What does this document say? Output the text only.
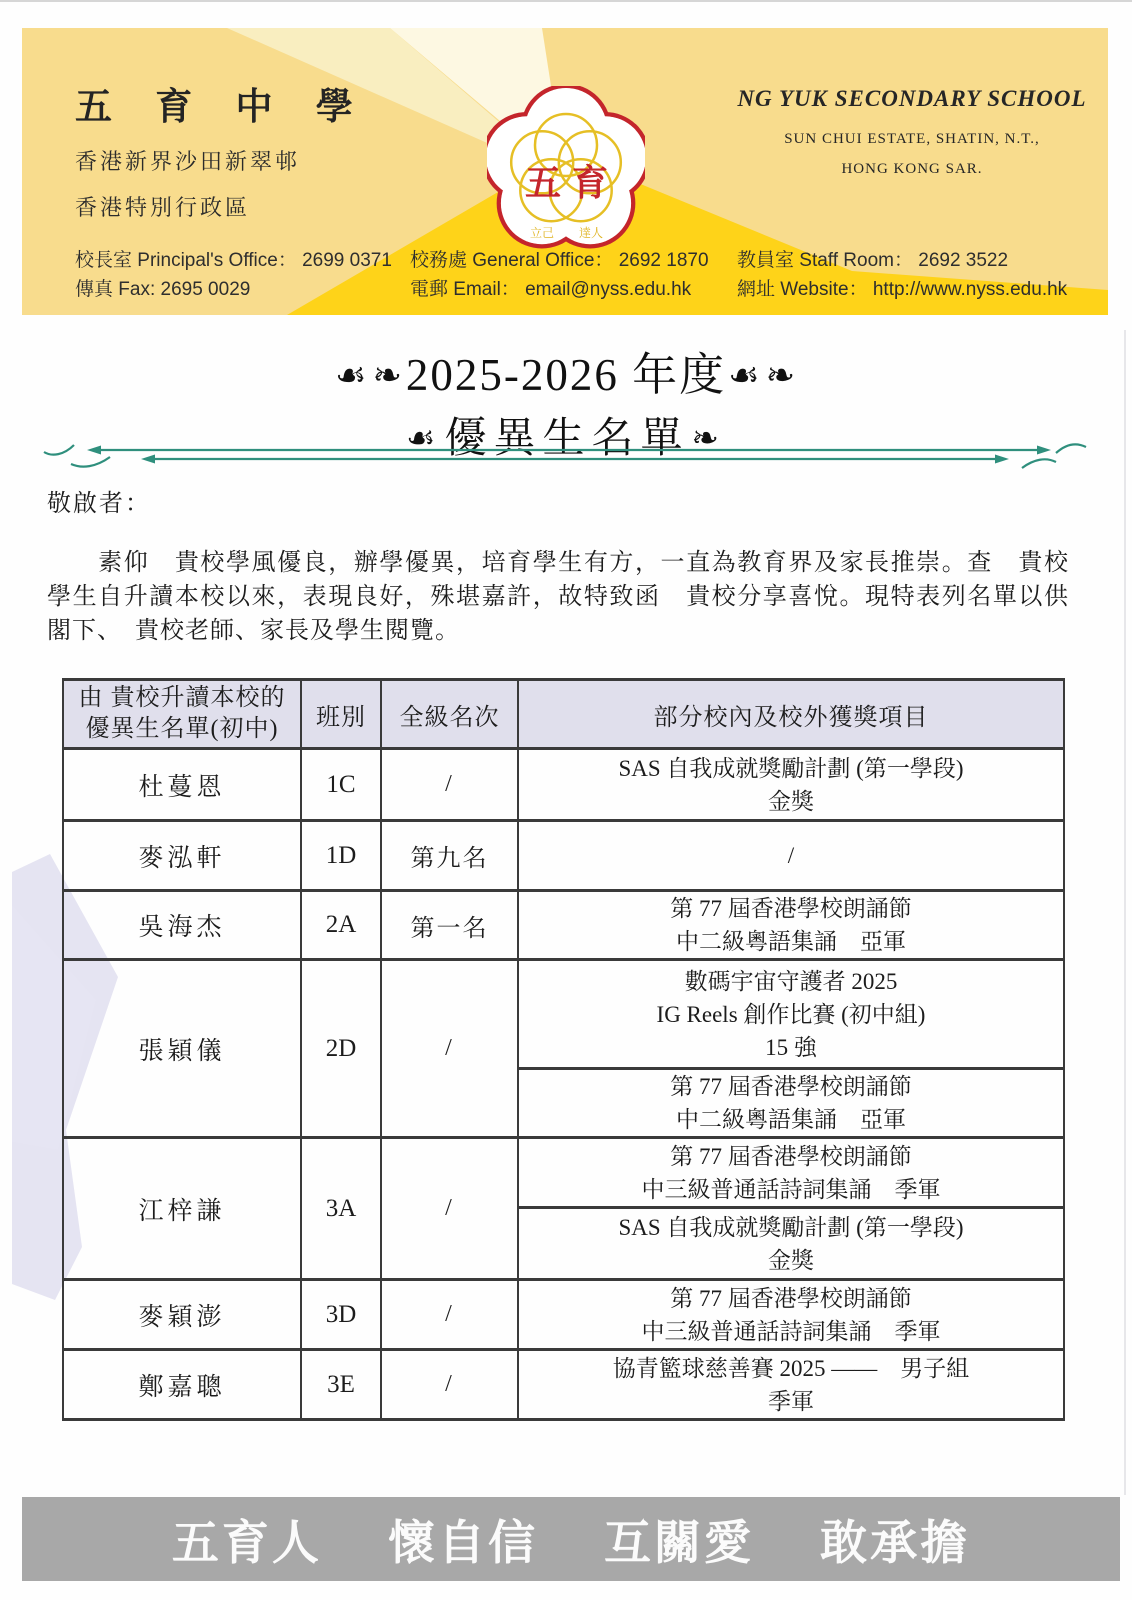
五 育 中 學
香港新界沙田新翠邨
香港特別行政區
五 育
立己 達人
NG YUK SECONDARY SCHOOL
SUN CHUI ESTATE, SHATIN, N.T.,
HONG KONG SAR.
校長室 Principal's Office： 2699 0371
傳真 Fax: 2695 0029
校務處 General Office： 2692 1870
電郵 Email： email@nyss.edu.hk
教員室 Staff Room： 2692 3522
網址 Website： http://www.nyss.edu.hk
☙ ❧2025-2026 年度☙ ❧
☙優異生名單❧
敬啟者：
　　素仰　貴校學風優良，辦學優異，培育學生有方，一直為教育界及家長推崇。查　貴校
學生自升讀本校以來，表現良好，殊堪嘉許，故特致函　貴校分享喜悅。現特表列名單以供
閣下、　貴校老師、家長及學生閱覽。
由 貴校升讀本校的
優異生名單(初中)	班別	全級名次	部分校內及校外獲獎項目
杜蔓恩	1C	/	SAS 自我成就獎勵計劃 (第一學段)
金獎

麥泓軒	1D	第九名	/

吳海杰	2A	第一名	第 77 屆香港學校朗誦節
中二級粵語集誦　亞軍

張穎儀	2D	/	數碼宇宙守護者 2025
IG Reels 創作比賽 (初中組)
15 強

			第 77 屆香港學校朗誦節
中二級粵語集誦　亞軍

江梓謙	3A	/	第 77 屆香港學校朗誦節
中三級普通話詩詞集誦　季軍

			SAS 自我成就獎勵計劃 (第一學段)
金獎

麥穎澎	3D	/	第 77 屆香港學校朗誦節
中三級普通話詩詞集誦　季軍

鄭嘉聰	3E	/	協青籃球慈善賽 2025 ——　男子組
季軍
五育人　 懷自信　 互關愛　 敢承擔
